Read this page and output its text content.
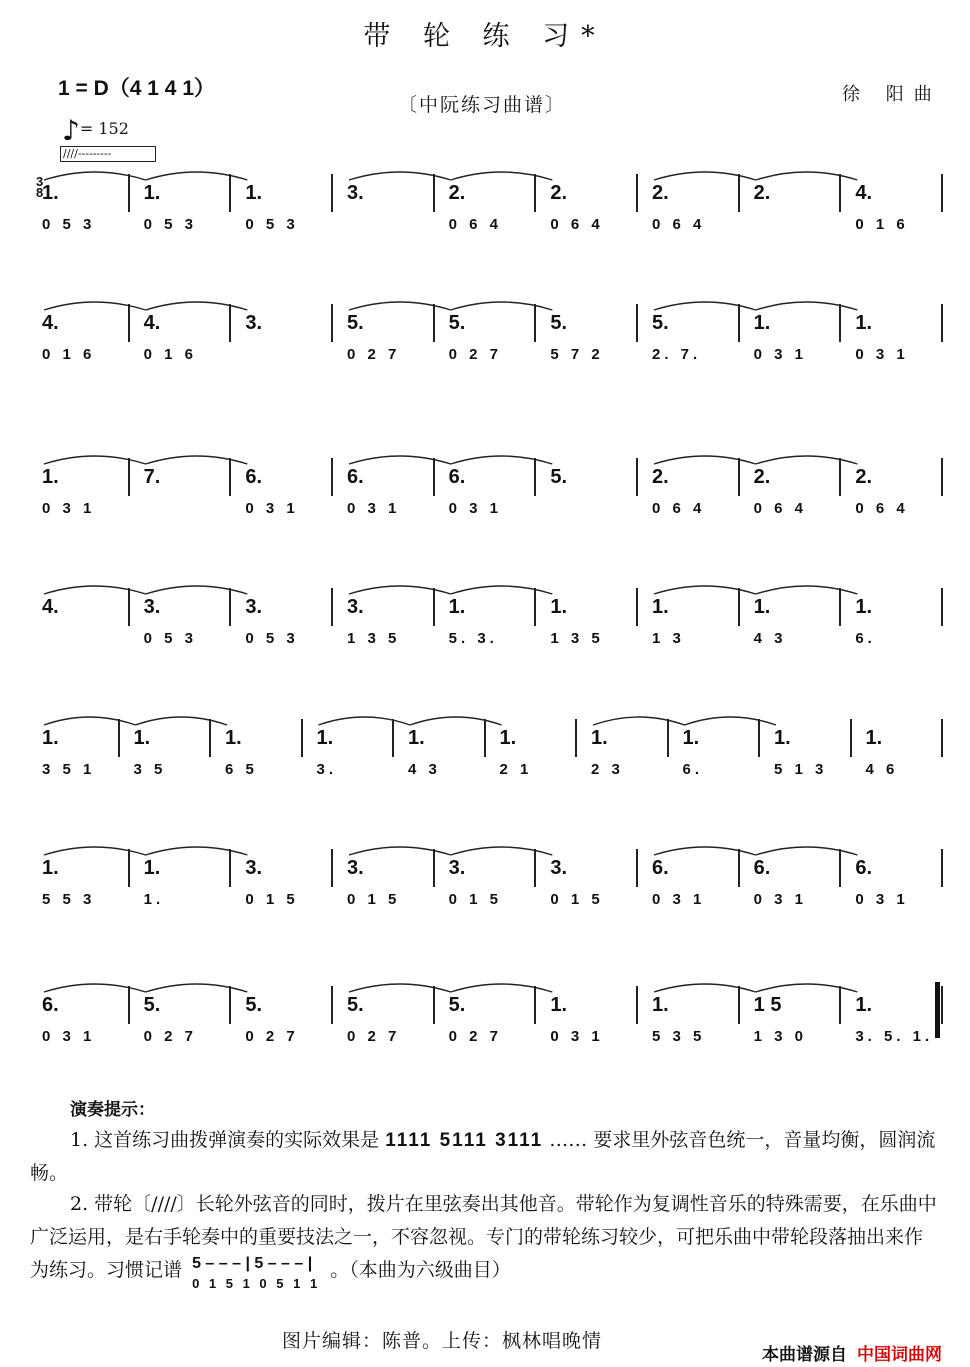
带 轮 练 习*
1 = D（4 1 4 1）
〔中阮练习曲谱〕	徐 阳曲
♪= 152
////---------
3
8
1.
0 5 3
1.
0 5 3
1.
0 5 3
3.	2.
0 6 4
2.
0 6 4
2.
0 6 4
2.	4.
0 1 6
4.
0 1 6
4.
0 1 6
3.	5.
0 2 7
5.
0 2 7
5.
5 7 2
5.
2. 7.
1.
0 3 1
1.
0 3 1
1.
0 3 1
7.	6.
0 3 1
6.
0 3 1
6.
0 3 1
5.	2.
0 6 4
2.
0 6 4
2.
0 6 4
4.	3.
0 5 3
3.
0 5 3
3.
1 3 5
1.
5. 3.
1.
1 3 5
1.
1 3
1.
4 3
1.
6.
1.
3 5 1
1.
3 5
1.
6 5
1.
3.
1.
4 3
1.
2 1
1.
2 3
1.
6.
1.
5 1 3
1.
4 6
1.
5 5 3
1.
1.
3.
0 1 5
3.
0 1 5
3.
0 1 5
3.
0 1 5
6.
0 3 1
6.
0 3 1
6.
0 3 1
6.
0 3 1
5.
0 2 7
5.
0 2 7
5.
0 2 7
5.
0 2 7
1.
0 3 1
1.
5 3 5
1 5
1 3 0
1.
3. 5. 1.
演奏提示：
1. 这首练习曲拨弹演奏的实际效果是 1111 5111 3111 …… 要求里外弦音色统一，音量均衡，圆润流畅。
2. 带轮〔////〕长轮外弦音的同时，拨片在里弦奏出其他音。带轮作为复调性音乐的特殊需要，在乐曲中广泛运用，是右手轮奏中的重要技法之一，不容忽视。专门的带轮练习较少，可把乐曲中带轮段落抽出来作为练习。习惯记谱 5 – – – | 5 – – – |
0 1 5 1 0 5 1 1
。（本曲为六级曲目）
图片编辑：陈普。上传：枫林唱晚情
本曲谱源自 中国词曲网
